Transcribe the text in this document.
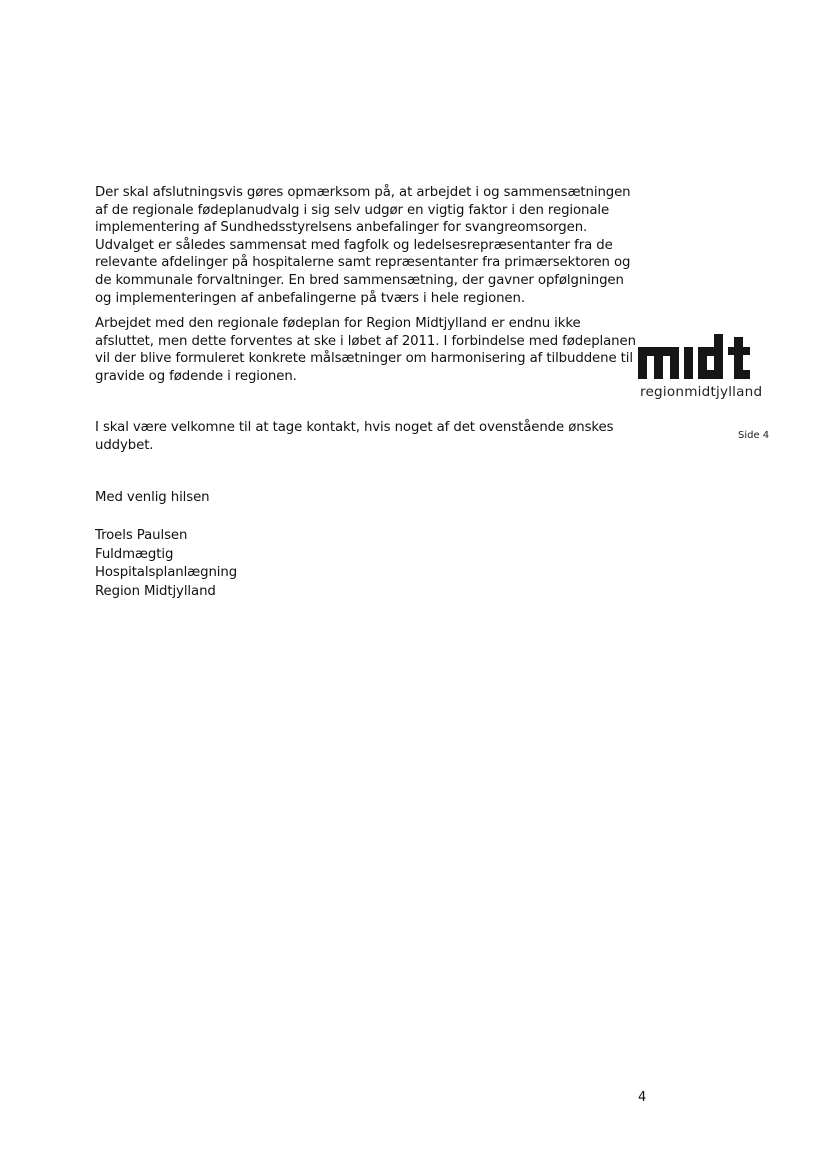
Der skal afslutningsvis gøres opmærksom på, at arbejdet i og sammensætningen
af de regionale fødeplanudvalg i sig selv udgør en vigtig faktor i den regionale
implementering af Sundhedsstyrelsens anbefalinger for svangreomsorgen.
Udvalget er således sammensat med fagfolk og ledelsesrepræsentanter fra de
relevante afdelinger på hospitalerne samt repræsentanter fra primærsektoren og
de kommunale forvaltninger. En bred sammensætning, der gavner opfølgningen
og implementeringen af anbefalingerne på tværs i hele regionen.

Arbejdet med den regionale fødeplan for Region Midtjylland er endnu ikke
afsluttet, men dette forventes at ske i løbet af 2011. I forbindelse med fødeplanen
vil der blive formuleret konkrete målsætninger om harmonisering af tilbuddene til
gravide og fødende i regionen.

I skal være velkomne til at tage kontakt, hvis noget af det ovenstående ønskes
uddybet.

Med venlig hilsen

Troels Paulsen
Fuldmægtig
Hospitalsplanlægning
Region Midtjylland

regionmidtjylland
Side 4
4
